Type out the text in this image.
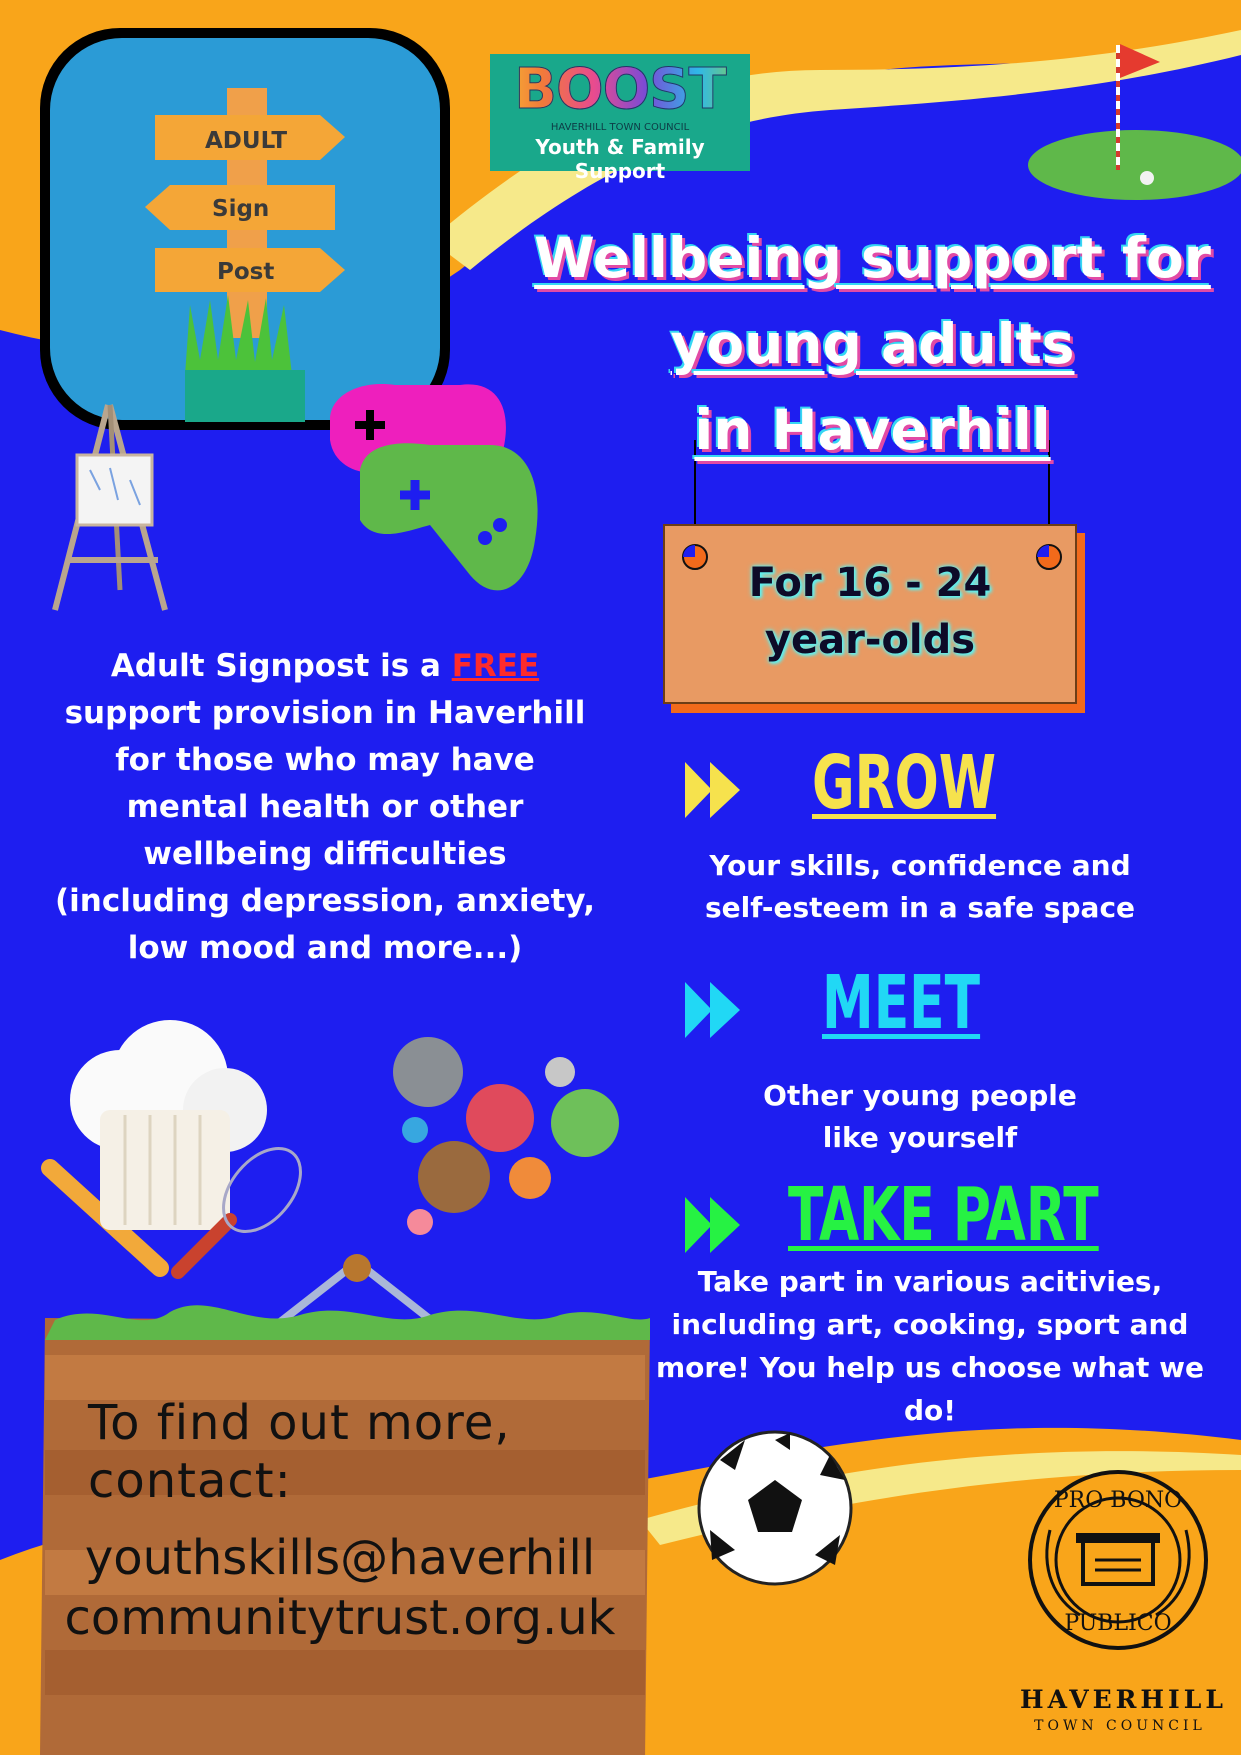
ADULT
Sign
Post
PRO BONO
PUBLICO
BOOST
HAVERHILL TOWN COUNCIL
Youth & Family Support
Wellbeing support for
young adults
in Haverhill
For 16 - 24
year-olds
Adult Signpost is a FREE
support provision in Haverhill
for those who may have
mental health or other
wellbeing difficulties
(including depression, anxiety,
low mood and more...)
GROW
Your skills, confidence and
self-esteem in a safe space
MEET
Other young people
like yourself
TAKE PART
Take part in various acitivies,
including art, cooking, sport and
more! You help us choose what we
do!
To find out more,
contact:
youthskills@haverhill
communitytrust.org.uk
HAVERHILL
TOWN COUNCIL
